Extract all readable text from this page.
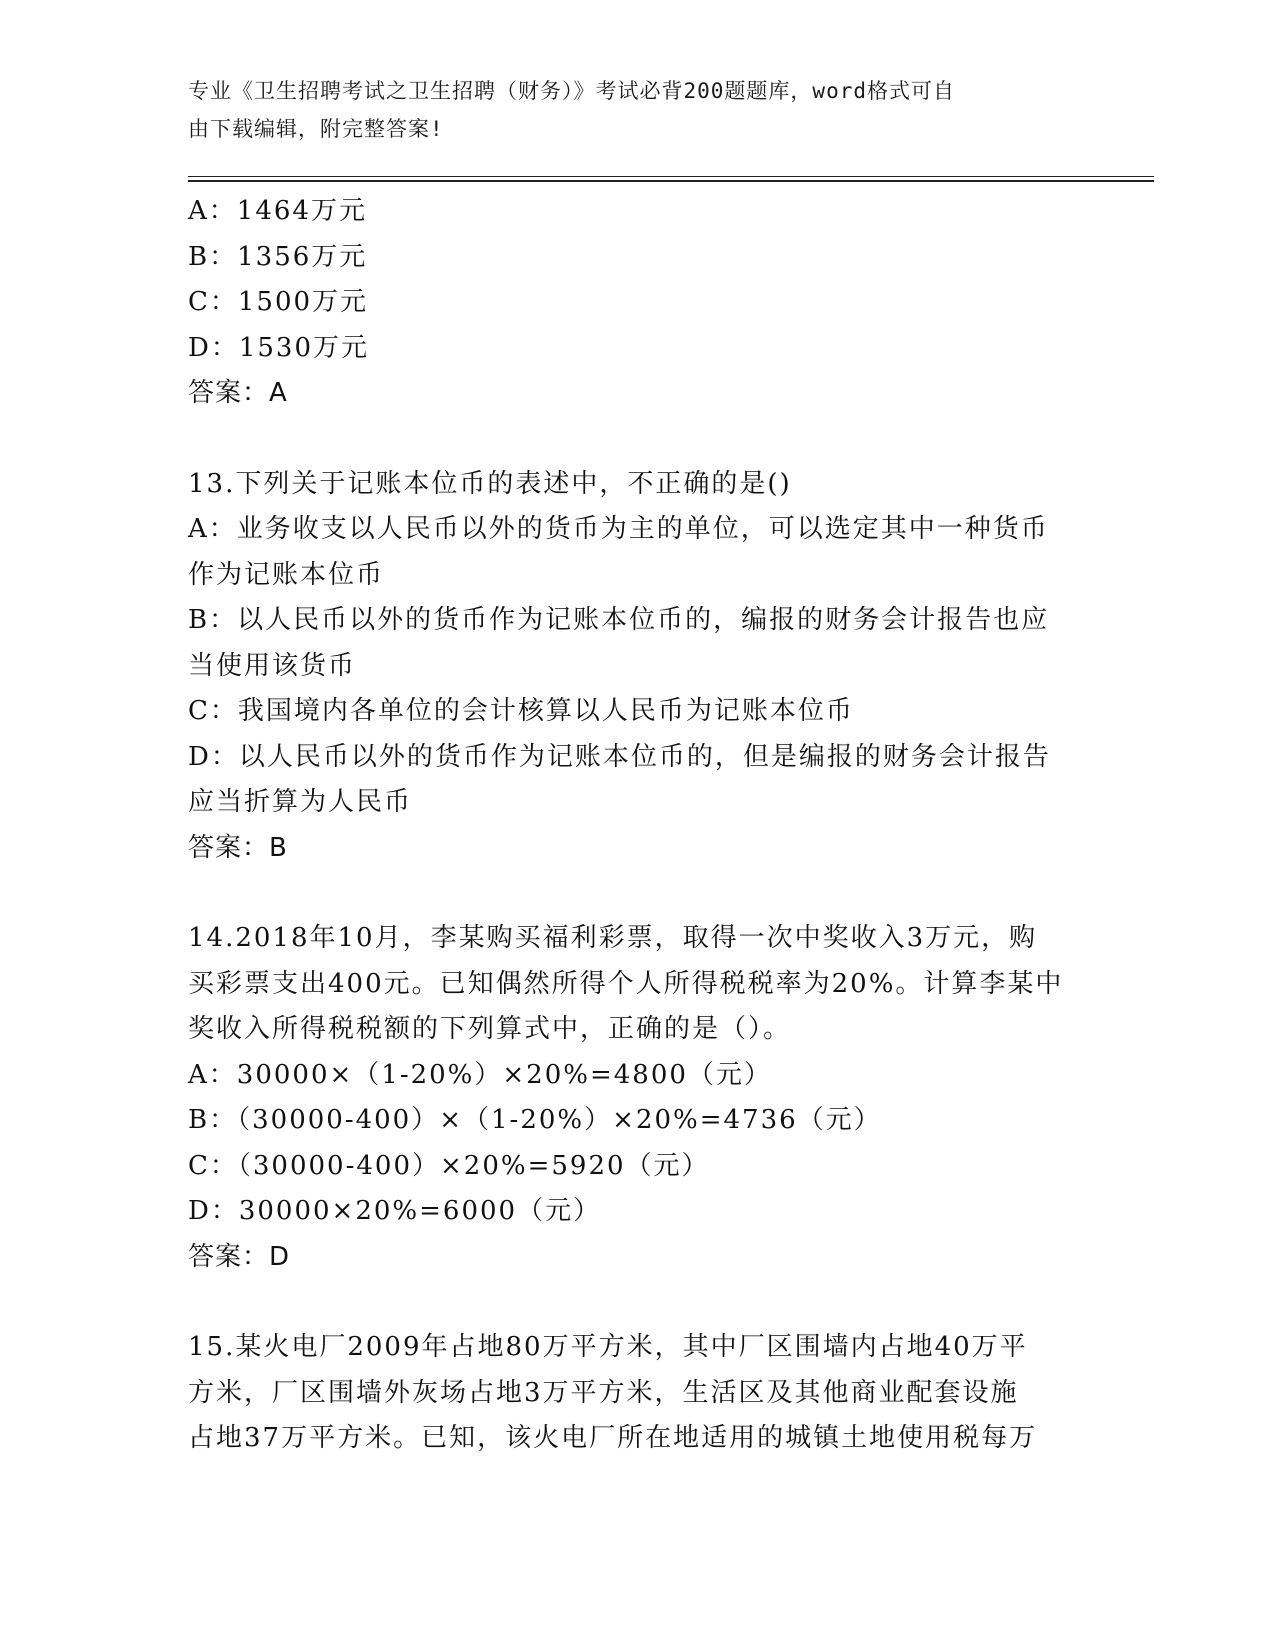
专业《卫生招聘考试之卫生招聘（财务）》考试必背200题题库，word格式可自
由下载编辑，附完整答案!
A：1464万元
B：1356万元
C：1500万元
D：1530万元
答案：A
13.下列关于记账本位币的表述中，不正确的是()
A：业务收支以人民币以外的货币为主的单位，可以选定其中一种货币
作为记账本位币
B：以人民币以外的货币作为记账本位币的，编报的财务会计报告也应
当使用该货币
C：我国境内各单位的会计核算以人民币为记账本位币
D：以人民币以外的货币作为记账本位币的，但是编报的财务会计报告
应当折算为人民币
答案：B
14.2018年10月，李某购买福利彩票，取得一次中奖收入3万元，购
买彩票支出400元。已知偶然所得个人所得税税率为20%。计算李某中
奖收入所得税税额的下列算式中，正确的是（）。
A：30000×（1-20%）×20%=4800（元）
B：（30000-400）×（1-20%）×20%=4736（元）
C：（30000-400）×20%=5920（元）
D：30000×20%=6000（元）
答案：D
15.某火电厂2009年占地80万平方米，其中厂区围墙内占地40万平
方米，厂区围墙外灰场占地3万平方米，生活区及其他商业配套设施
占地37万平方米。已知，该火电厂所在地适用的城镇土地使用税每万
